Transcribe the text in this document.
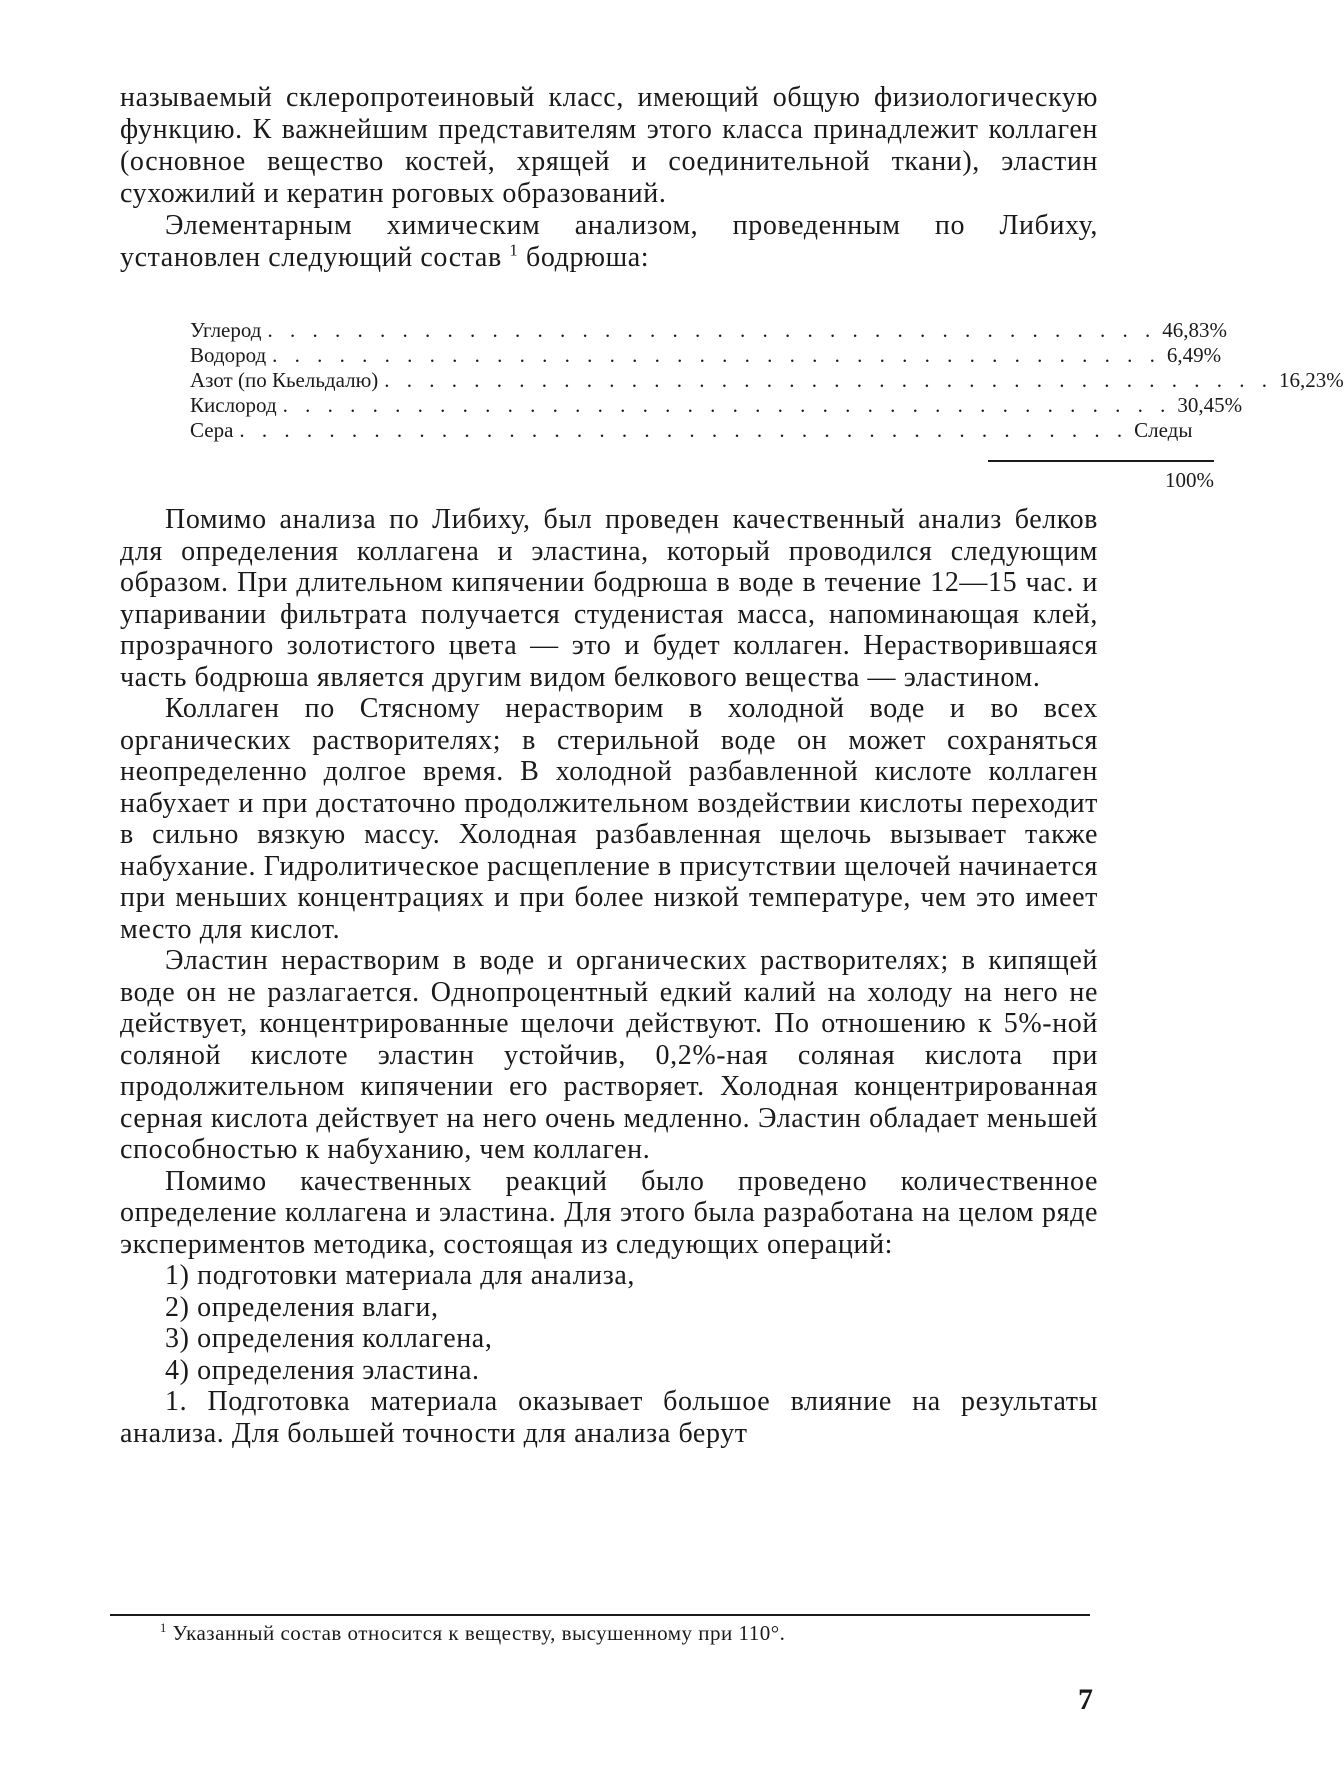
называемый склеропротеиновый класс, имеющий общую физиологическую функцию. К важнейшим представителям этого класса принадлежит коллаген (основное вещество костей, хрящей и соединительной ткани), эластин сухожилий и кератин роговых образований.

Элементарным химическим анализом, проведенным по Либиху, установлен следующий состав 1 бодрюша:

Углерод . . . . . . . . . . . . . . . . . . . . . . . . . . . . . . . . . . . . . . . . 46,83%
Водород . . . . . . . . . . . . . . . . . . . . . . . . . . . . . . . . . . . . . . . . 6,49%
Азот (по Кьельдалю) . . . . . . . . . . . . . . . . . . . . . . . . . . . . . . . . . . . . . . . . 16,23%
Кислород . . . . . . . . . . . . . . . . . . . . . . . . . . . . . . . . . . . . . . . . 30,45%
Сера . . . . . . . . . . . . . . . . . . . . . . . . . . . . . . . . . . . . . . . . Следы
100%

Помимо анализа по Либиху, был проведен качественный анализ белков для определения коллагена и эластина, который проводился следующим образом. При длительном кипячении бодрюша в воде в течение 12—15 час. и упаривании фильтрата получается студенистая масса, напоминающая клей, прозрачного золотистого цвета — это и будет коллаген. Нерастворившаяся часть бодрюша является другим видом белкового вещества — эластином.

Коллаген по Стясному нерастворим в холодной воде и во всех органических растворителях; в стерильной воде он может сохраняться неопределенно долгое время. В холодной разбавленной кислоте коллаген набухает и при достаточно продолжительном воздействии кислоты переходит в сильно вязкую массу. Холодная разбавленная щелочь вызывает также набухание. Гидролитическое расщепление в присутствии щелочей начинается при меньших концентрациях и при более низкой температуре, чем это имеет место для кислот.

Эластин нерастворим в воде и органических растворителях; в кипящей воде он не разлагается. Однопроцентный едкий калий на холоду на него не действует, концентрированные щелочи действуют. По отношению к 5%-ной соляной кислоте эластин устойчив, 0,2%-ная соляная кислота при продолжительном кипячении его растворяет. Холодная концентрированная серная кислота действует на него очень медленно. Эластин обладает меньшей способностью к набуханию, чем коллаген.

Помимо качественных реакций было проведено количественное определение коллагена и эластина. Для этого была разработана на целом ряде экспериментов методика, состоящая из следующих операций:

1) подготовки материала для анализа,

2) определения влаги,

3) определения коллагена,

4) определения эластина.

1. Подготовка материала оказывает большое влияние на результаты анализа. Для большей точности для анализа берут

1 Указанный состав относится к веществу, высушенному при 110°.
7
